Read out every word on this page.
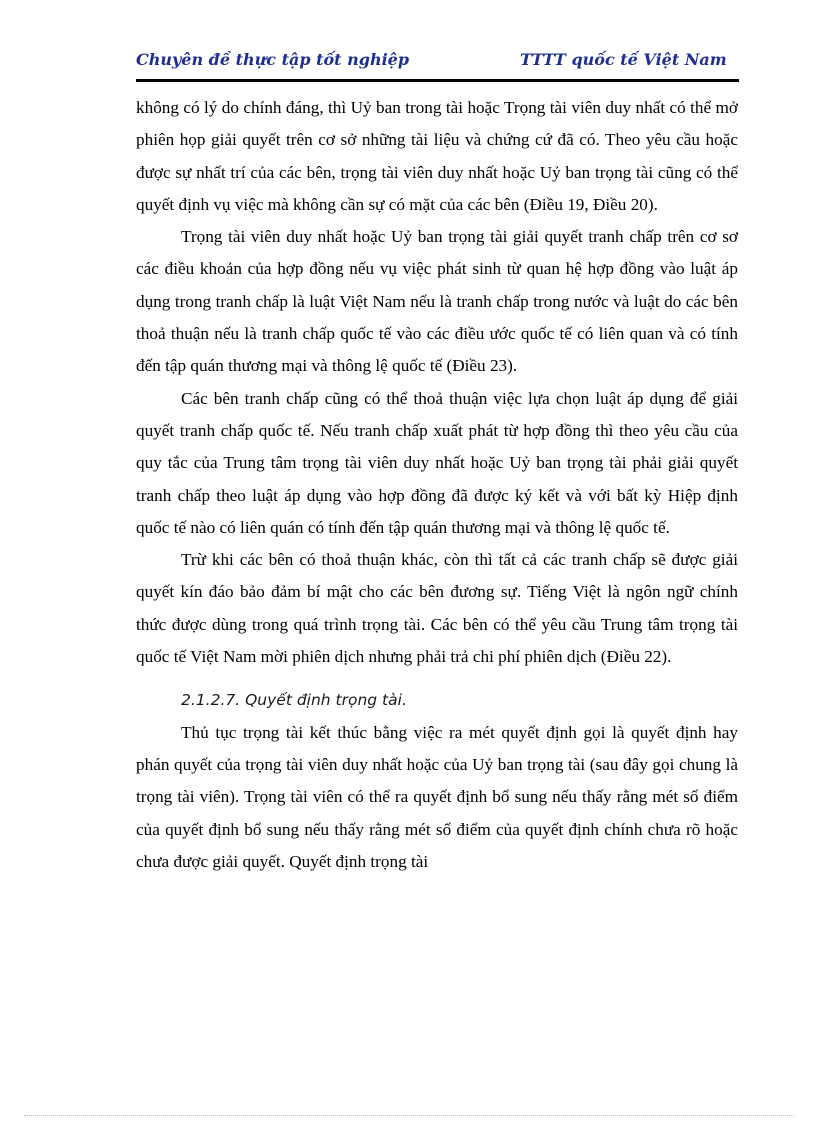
Chuyên đề thực tập tốt nghiệp	TTTT quốc tế Việt Nam

không có lý do chính đáng, thì Uỷ ban trong tài hoặc Trọng tài viên duy nhất có thể mở phiên họp giải quyết trên cơ sở những tài liệu và chứng cứ đã có. Theo yêu cầu hoặc được sự nhất trí của các bên, trọng tài viên duy nhất hoặc Uỷ ban trọng tài cũng có thể quyết định vụ việc mà không cần sự có mặt của các bên (Điều 19, Điều 20).

Trọng tài viên duy nhất hoặc Uỷ ban trọng tài giải quyết tranh chấp trên cơ sơ các điều khoản của hợp đồng nếu vụ việc phát sinh từ quan hệ hợp đồng vào luật áp dụng trong tranh chấp là luật Việt Nam nếu là tranh chấp trong nước và luật do các bên thoả thuận nếu là tranh chấp quốc tế vào các điều ước quốc tế có liên quan và có tính đến tập quán thương mại và thông lệ quốc tế (Điều 23).

Các bên tranh chấp cũng có thể thoả thuận việc lựa chọn luật áp dụng để giải quyết tranh chấp quốc tế. Nếu tranh chấp xuất phát từ hợp đồng thì theo yêu cầu của quy tắc của Trung tâm trọng tài viên duy nhất hoặc Uỷ ban trọng tài phải giải quyết tranh chấp theo luật áp dụng vào hợp đồng đã được ký kết và với bất kỳ Hiệp định quốc tế nào có liên quán có tính đến tập quán thương mại và thông lệ quốc tế.

Trừ khi các bên có thoả thuận khác, còn thì tất cả các tranh chấp sẽ được giải quyết kín đáo bảo đảm bí mật cho các bên đương sự. Tiếng Việt là ngôn ngữ chính thức được dùng trong quá trình trọng tài. Các bên có thể yêu cầu Trung tâm trọng tài quốc tế Việt Nam mời phiên dịch nhưng phải trả chi phí phiên dịch (Điều 22).

2.1.2.7. Quyết định trọng tài.

Thủ tục trọng tài kết thúc bằng việc ra mét quyết định gọi là quyết định hay phán quyết của trọng tài viên duy nhất hoặc của Uỷ ban trọng tài (sau đây gọi chung là trọng tài viên). Trọng tài viên có thể ra quyết định bổ sung nếu thấy rằng mét số điểm của quyết định bổ sung nếu thấy rằng mét số điểm của quyết định chính chưa rõ hoặc chưa được giải quyết. Quyết định trọng tài
